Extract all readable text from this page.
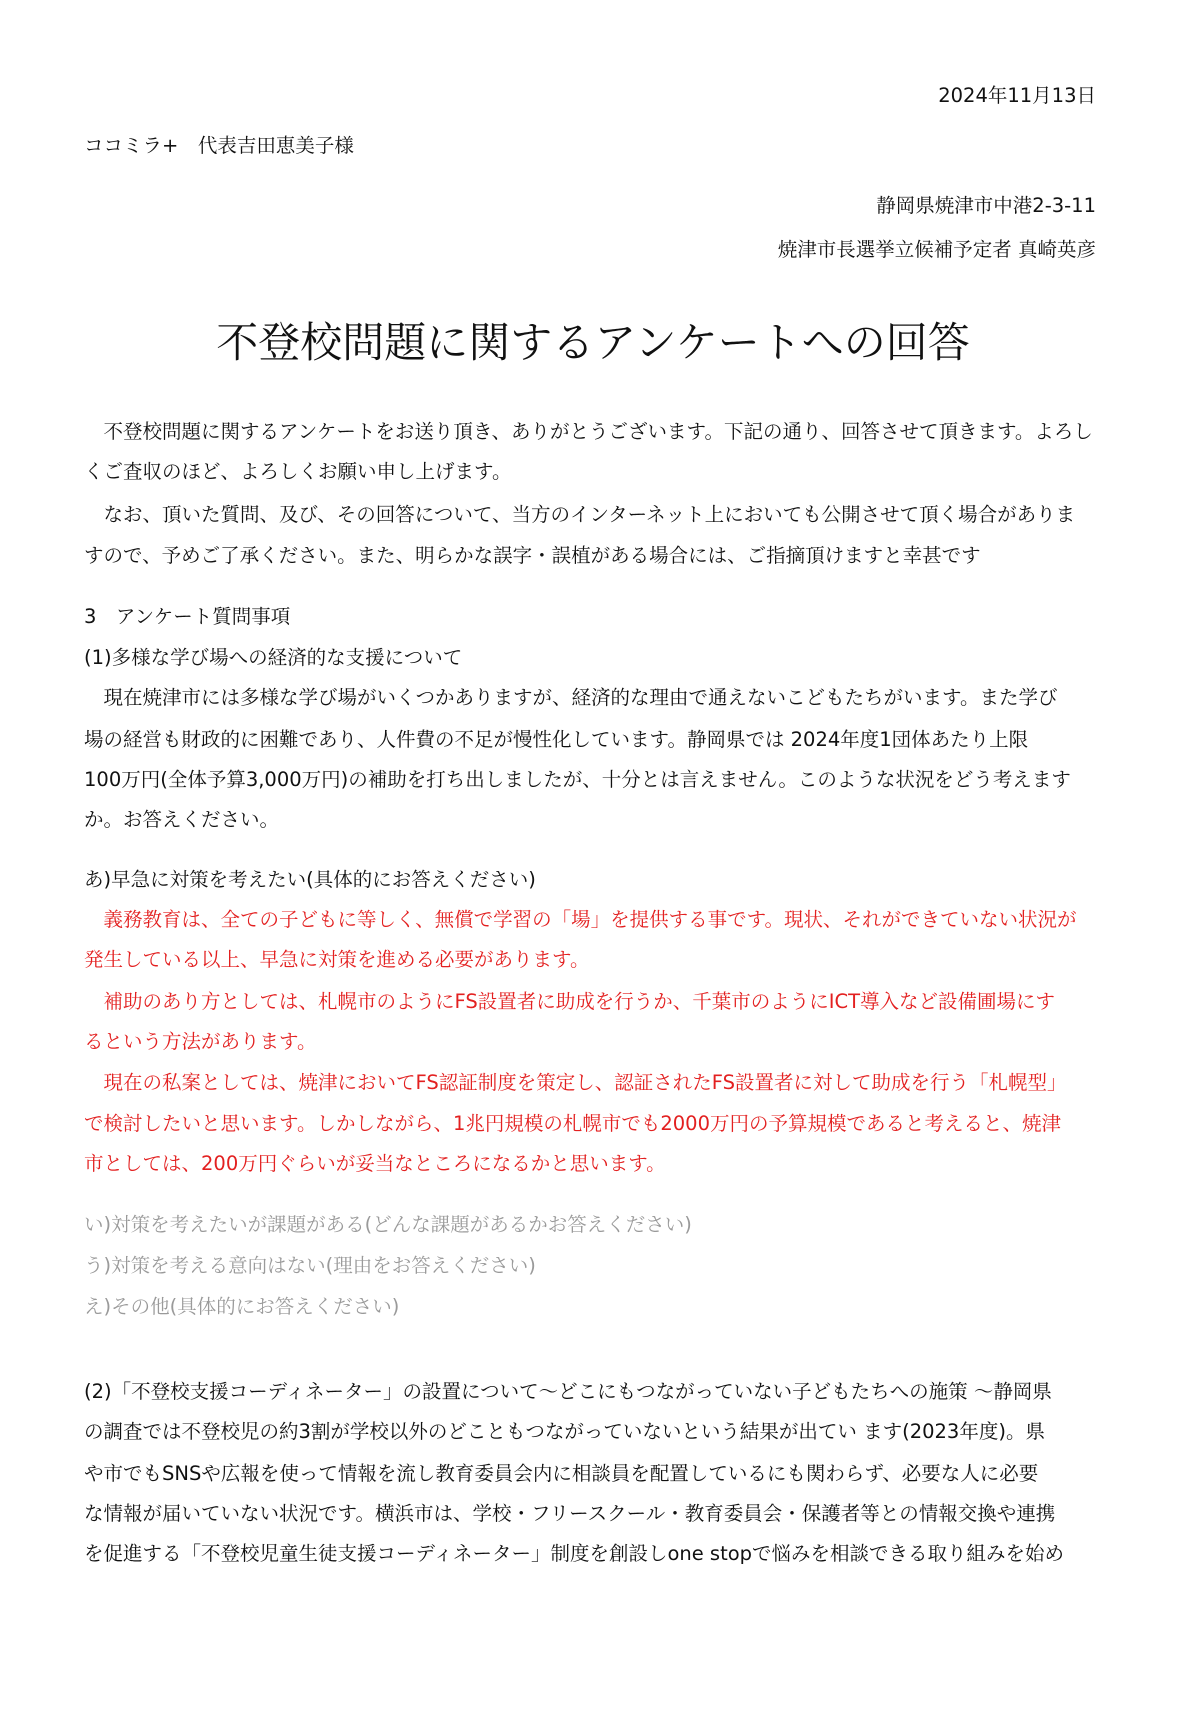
2024年11月13日
ココミラ+　代表吉田恵美子様
静岡県焼津市中港2-3-11
焼津市長選挙立候補予定者 真崎英彦
不登校問題に関するアンケートへの回答
　不登校問題に関するアンケートをお送り頂き、ありがとうございます。下記の通り、回答させて頂きます。よろし
くご査収のほど、よろしくお願い申し上げます。
　なお、頂いた質問、及び、その回答について、当方のインターネット上においても公開させて頂く場合がありま
すので、予めご了承ください。また、明らかな誤字・誤植がある場合には、ご指摘頂けますと幸甚です
3　アンケート質問事項
(1)多様な学び場への経済的な支援について
　現在焼津市には多様な学び場がいくつかありますが、経済的な理由で通えないこどもたちがいます。また学び
場の経営も財政的に困難であり、人件費の不足が慢性化しています。静岡県では 2024年度1団体あたり上限
100万円(全体予算3,000万円)の補助を打ち出しましたが、十分とは言えません。このような状況をどう考えます
か。お答えください。
あ)早急に対策を考えたい(具体的にお答えください)
　義務教育は、全ての子どもに等しく、無償で学習の「場」を提供する事です。現状、それができていない状況が
発生している以上、早急に対策を進める必要があります。
　補助のあり方としては、札幌市のようにFS設置者に助成を行うか、千葉市のようにICT導入など設備圃場にす
るという方法があります。
　現在の私案としては、焼津においてFS認証制度を策定し、認証されたFS設置者に対して助成を行う「札幌型」
で検討したいと思います。しかしながら、1兆円規模の札幌市でも2000万円の予算規模であると考えると、焼津
市としては、200万円ぐらいが妥当なところになるかと思います。
い)対策を考えたいが課題がある(どんな課題があるかお答えください)
う)対策を考える意向はない(理由をお答えください)
え)その他(具体的にお答えください)
(2)「不登校支援コーディネーター」の設置について～どこにもつながっていない子どもたちへの施策 ～静岡県
の調査では不登校児の約3割が学校以外のどこともつながっていないという結果が出てい ます(2023年度)。県
や市でもSNSや広報を使って情報を流し教育委員会内に相談員を配置しているにも関わらず、必要な人に必要
な情報が届いていない状況です。横浜市は、学校・フリースクール・教育委員会・保護者等との情報交換や連携
を促進する「不登校児童生徒支援コーディネーター」制度を創設しone stopで悩みを相談できる取り組みを始め
